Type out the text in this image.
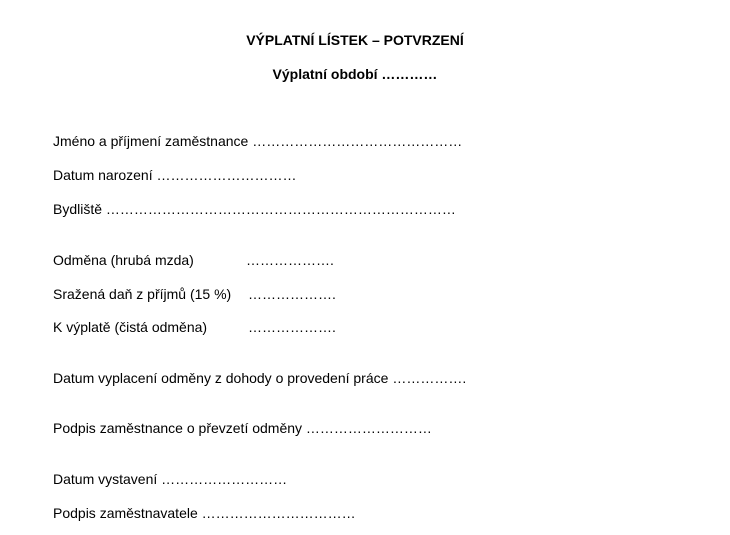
VÝPLATNÍ LÍSTEK – POTVRZENÍ
Výplatní období …………
Jméno a příjmení zaměstnance ………………………………………
Datum narození …………………………
Bydliště …………………………………………………………………
Odměna (hrubá mzda)	……………….
Sražená daň z příjmů (15 %) ……………….
K výplatě (čistá odměna)	……………….
Datum vyplacení odměny z dohody o provedení práce …………….
Podpis zaměstnance o převzetí odměny ………………………
Datum vystavení ………………………
Podpis zaměstnavatele ……………………………
